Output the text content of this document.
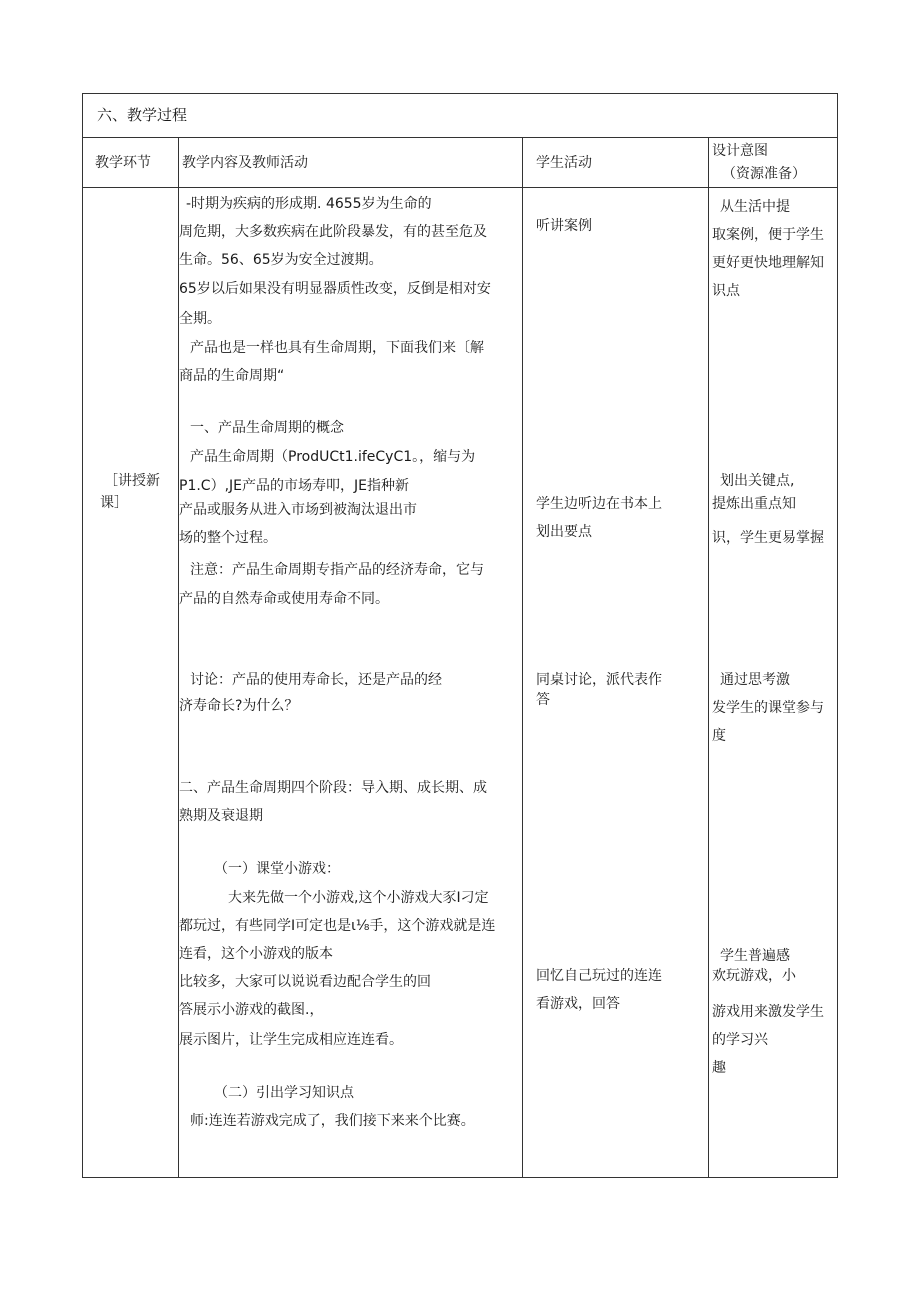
六、教学过程

教学环节 教学内容及教师活动	学生活动

设计意图

（资源准备）

［讲授新

课］

-时期为疾病的形成期. 4655岁为生命的

周危期，大多数疾病在此阶段暴发，有的甚至危及

生命。56、65岁为安全过渡期。

65岁以后如果没有明显器质性改变，反倒是相对安

全期。

产品也是一样也具有生命周期，下面我们来〔解

商品的生命周期“

一、产品生命周期的概念

产品生命周期（ProdUCt1.ifeCyC1。，缩与为

P1.C）,JE产品的市场寿叩，JE指种新

产品或服务从进入市场到被淘汰退出市

场的整个过程。

注意：产品生命周期专指产品的经济寿命，它与

产品的自然寿命或使用寿命不同。

讨论：产品的使用寿命长，还是产品的经

济寿命长?为什么？

二、产品生命周期四个阶段：导入期、成长期、成

熟期及衰退期

（一）课堂小游戏：

大来先做一个小游戏,这个小游戏大豕I刁定

都玩过，有些同学I可定也是ι⅛手，这个游戏就是连

连看，这个小游戏的版本

比较多，大家可以说说看边配合学生的回

答展示小游戏的截图.，

展示图片，让学生完成相应连连看。

（二）引出学习知识点

师:连连若游戏完成了，我们接下来来个比赛。

听讲案例

学生边听边在书本上

划出要点

同桌讨论，派代表作

答

回忆自己玩过的连连

看游戏，回答

从生活中提

取案例，便于学生

更好更快地理解知

识点

划出关键点,

提炼出重点知

识，学生更易掌握

通过思考激

发学生的课堂参与

度

学生普遍感

欢玩游戏，小

游戏用来激发学生

的学习兴

趣
